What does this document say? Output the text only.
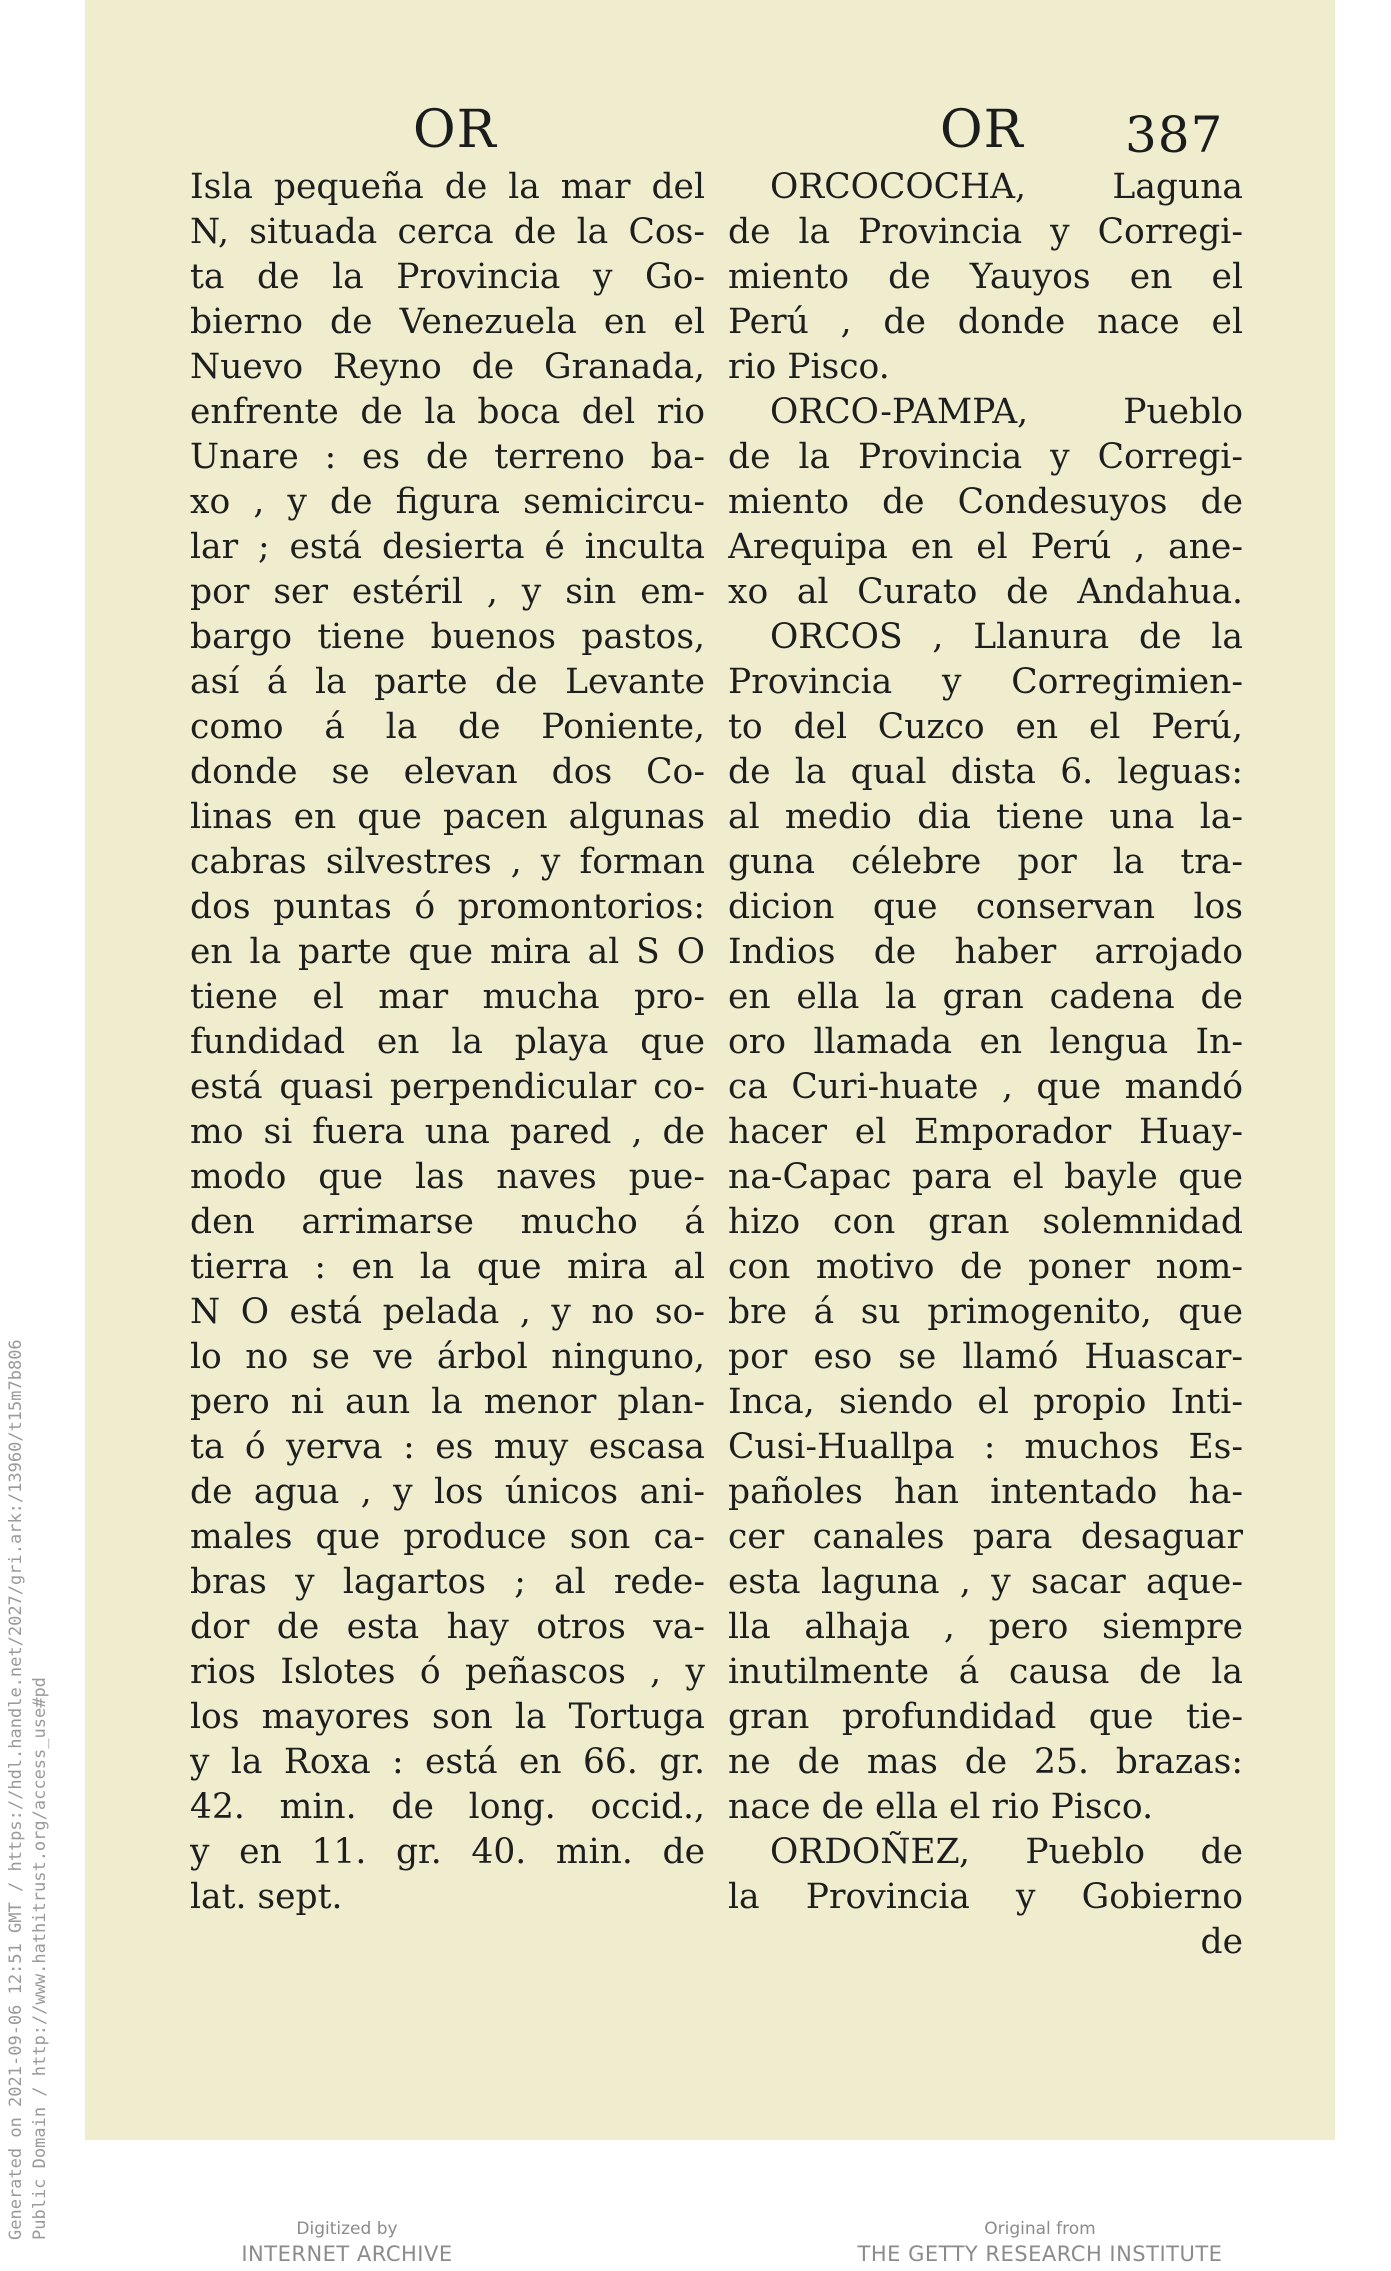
Generated on 2021-09-06 12:51 GMT / https://hdl.handle.net/2027/gri.ark:/13960/t15m7b806 Public Domain / http://www.hathitrust.org/access_use#pd
OR	OR 387
Isla pequeña de la mar del
N, situada cerca de la Cos-
ta de la Provincia y Go-
bierno de Venezuela en el
Nuevo Reyno de Granada,
enfrente de la boca del rio
Unare : es de terreno ba-
xo , y de figura semicircu-
lar ; está desierta é inculta
por ser estéril , y sin em-
bargo tiene buenos pastos,
así á la parte de Levante
como á la de Poniente,
donde se elevan dos Co-
linas en que pacen algunas
cabras silvestres , y forman
dos puntas ó promontorios:
en la parte que mira al S O
tiene el mar mucha pro-
fundidad en la playa que
está quasi perpendicular co-
mo si fuera una pared , de
modo que las naves pue-
den arrimarse mucho á
tierra : en la que mira al
N O está pelada , y no so-
lo no se ve árbol ninguno,
pero ni aun la menor plan-
ta ó yerva : es muy escasa
de agua , y los únicos ani-
males que produce son ca-
bras y lagartos ; al rede-
dor de esta hay otros va-
rios Islotes ó peñascos , y
los mayores son la Tortuga
y la Roxa : está en 66. gr.
42. min. de long. occid.,
y en 11. gr. 40. min. de
lat. sept.
ORCOCOCHA, Laguna
de la Provincia y Corregi-
miento de Yauyos en el
Perú , de donde nace el
rio Pisco.
ORCO-PAMPA, Pueblo
de la Provincia y Corregi-
miento de Condesuyos de
Arequipa en el Perú , ane-
xo al Curato de Andahua.
ORCOS , Llanura de la
Provincia y Corregimien-
to del Cuzco en el Perú,
de la qual dista 6. leguas:
al medio dia tiene una la-
guna célebre por la tra-
dicion que conservan los
Indios de haber arrojado
en ella la gran cadena de
oro llamada en lengua In-
ca Curi-huate , que mandó
hacer el Emporador Huay-
na-Capac para el bayle que
hizo con gran solemnidad
con motivo de poner nom-
bre á su primogenito, que
por eso se llamó Huascar-
Inca, siendo el propio Inti-
Cusi-Huallpa : muchos Es-
pañoles han intentado ha-
cer canales para desaguar
esta laguna , y sacar aque-
lla alhaja , pero siempre
inutilmente á causa de la
gran profundidad que tie-
ne de mas de 25. brazas:
nace de ella el rio Pisco.
ORDOÑEZ, Pueblo de
la Provincia y Gobierno
de
Digitized by
INTERNET ARCHIVE
Original from
THE GETTY RESEARCH INSTITUTE
